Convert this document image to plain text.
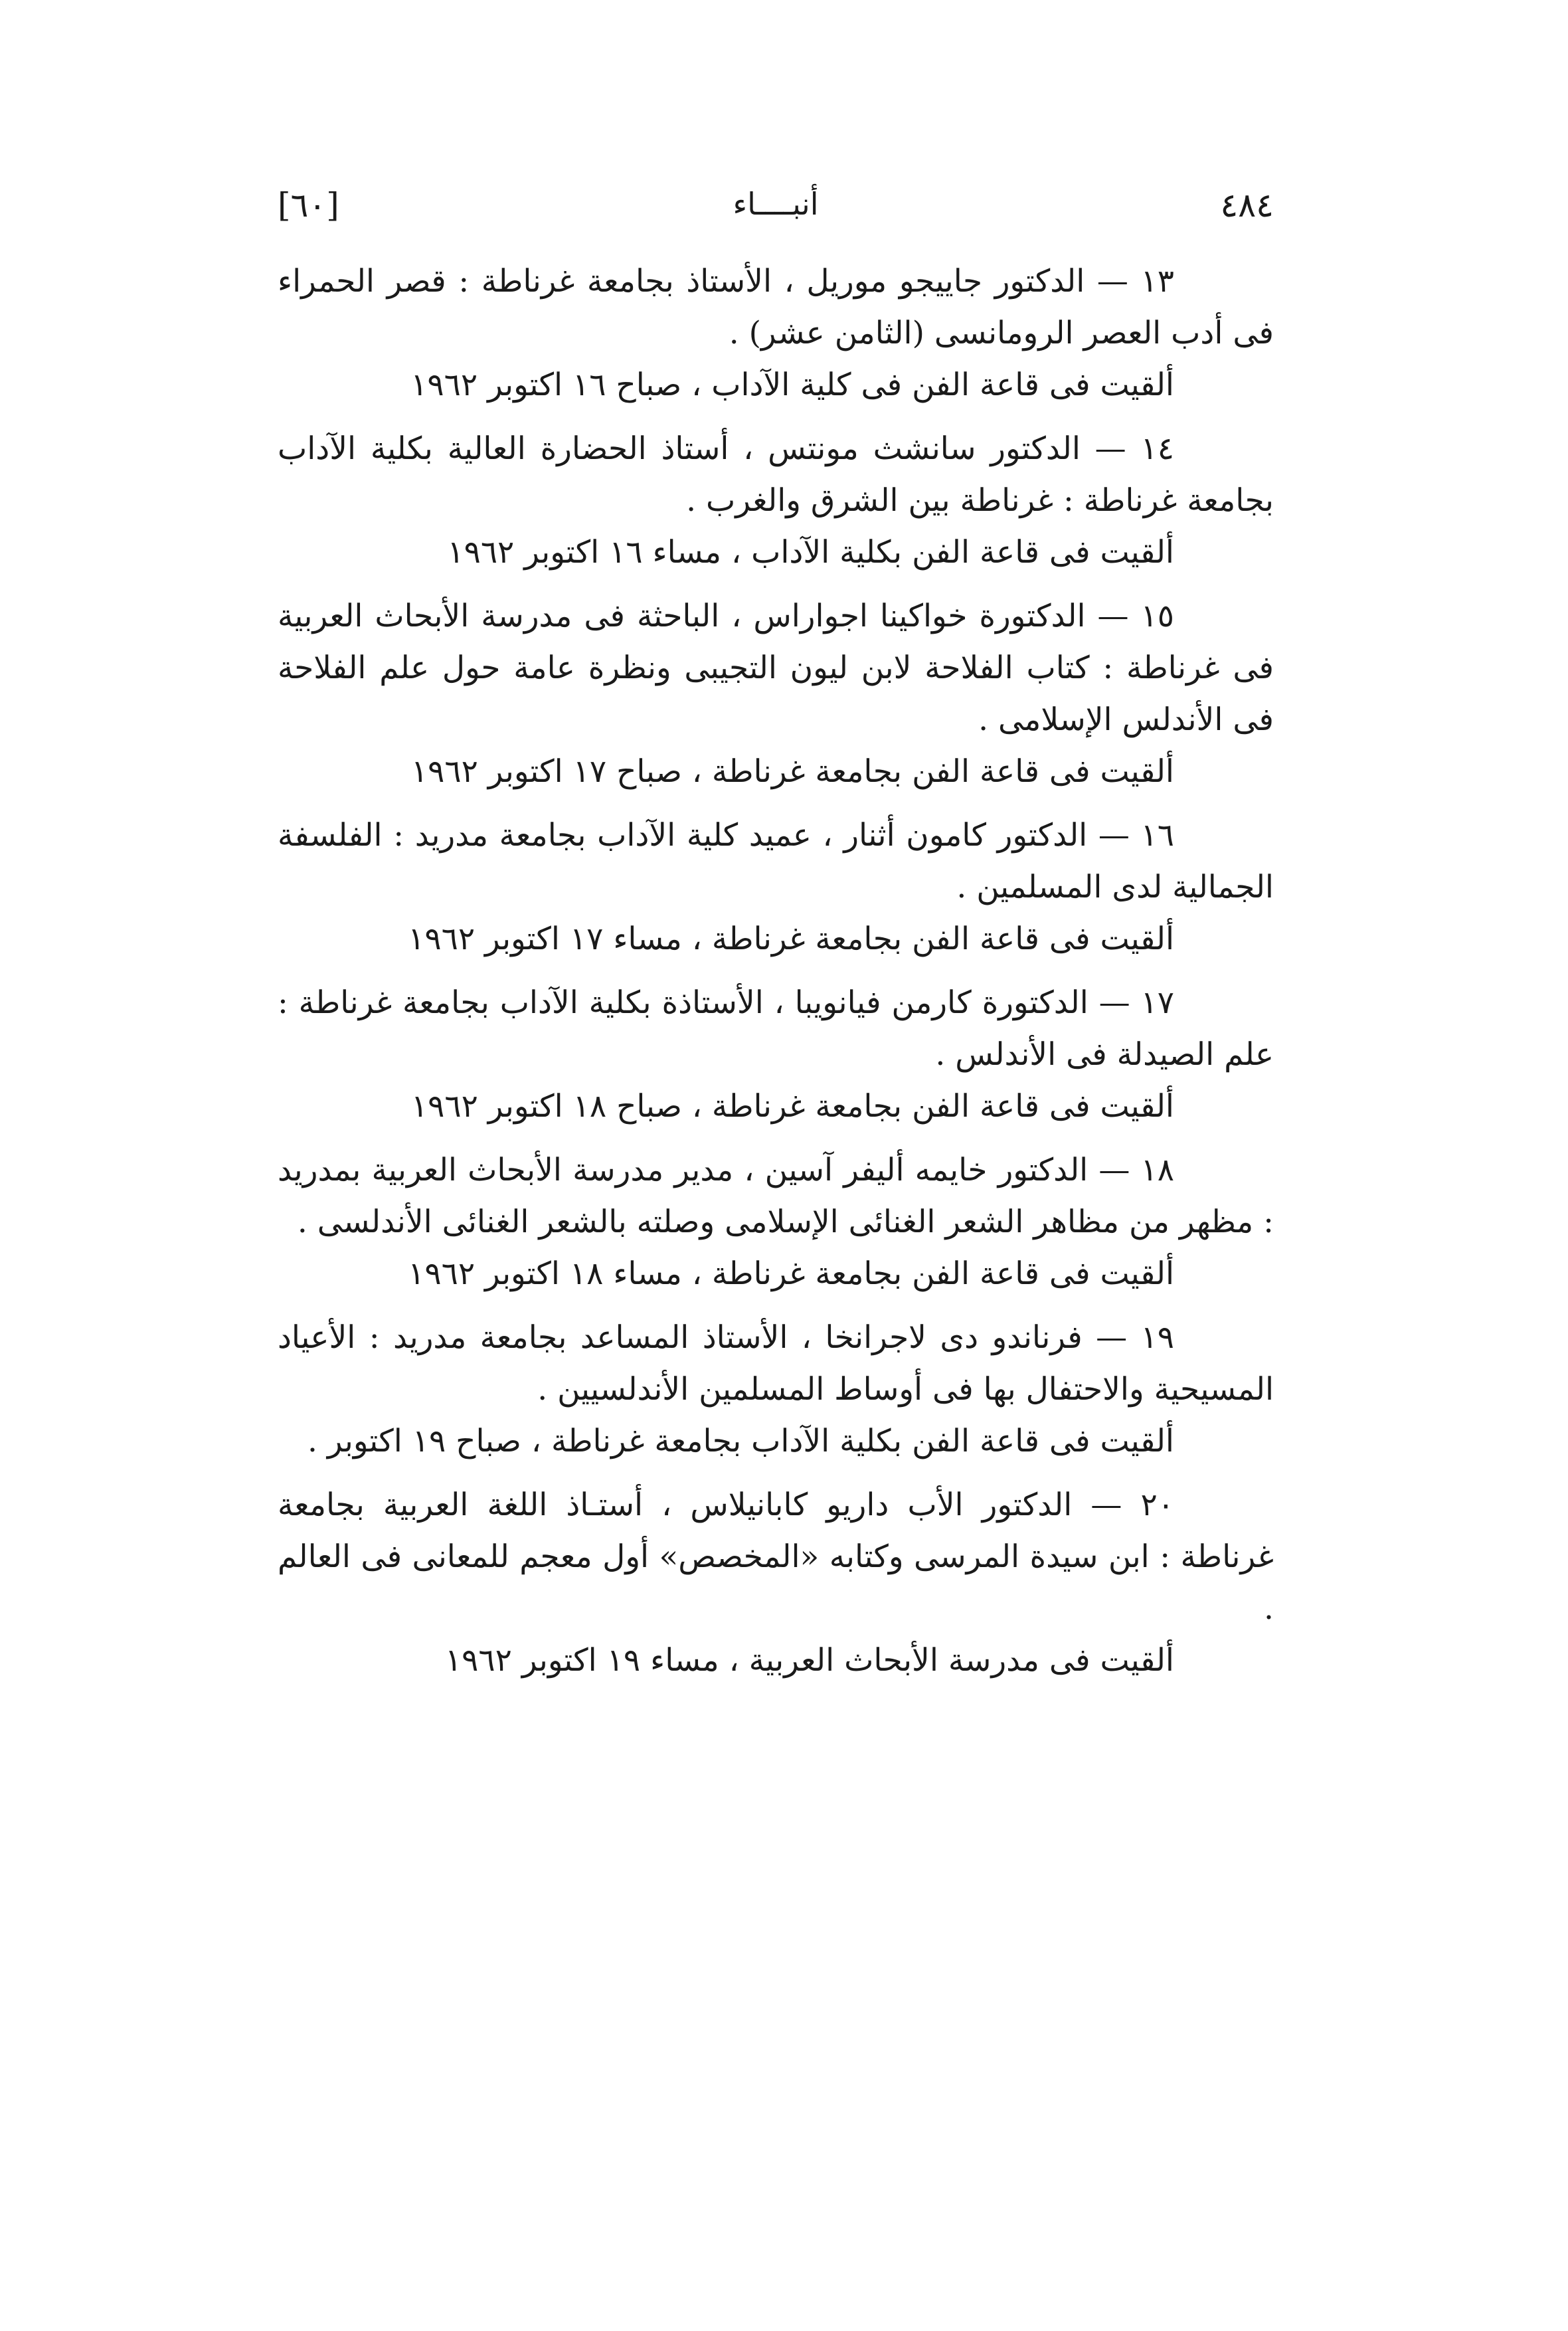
[٦٠]	أنبــــاء	٤٨٤
١٣ — الدكتور جاييجو موريل ، الأستاذ بجامعة غرناطة : قصر الحمراء فى أدب العصر الرومانسى (الثامن عشر) .
ألقيت فى قاعة الفن فى كلية الآداب ، صباح ١٦ اكتوبر ١٩٦٢
١٤ — الدكتور سانشث مونتس ، أستاذ الحضارة العالية بكلية الآداب بجامعة غرناطة : غرناطة بين الشرق والغرب .
ألقيت فى قاعة الفن بكلية الآداب ، مساء ١٦ اكتوبر ١٩٦٢
١٥ — الدكتورة خواكينا اجواراس ، الباحثة فى مدرسة الأبحاث العربية فى غرناطة : كتاب الفلاحة لابن ليون التجيبى ونظرة عامة حول علم الفلاحة فى الأندلس الإسلامى .
ألقيت فى قاعة الفن بجامعة غرناطة ، صباح ١٧ اكتوبر ١٩٦٢
١٦ — الدكتور كامون أثنار ، عميد كلية الآداب بجامعة مدريد : الفلسفة الجمالية لدى المسلمين .
ألقيت فى قاعة الفن بجامعة غرناطة ، مساء ١٧ اكتوبر ١٩٦٢
١٧ — الدكتورة كارمن فيانويبا ، الأستاذة بكلية الآداب بجامعة غرناطة : علم الصيدلة فى الأندلس .
ألقيت فى قاعة الفن بجامعة غرناطة ، صباح ١٨ اكتوبر ١٩٦٢
١٨ — الدكتور خايمه أليفر آسين ، مدير مدرسة الأبحاث العربية بمدريد : مظهر من مظاهر الشعر الغنائى الإسلامى وصلته بالشعر الغنائى الأندلسى .
ألقيت فى قاعة الفن بجامعة غرناطة ، مساء ١٨ اكتوبر ١٩٦٢
١٩ — فرناندو دى لاجرانخا ، الأستاذ المساعد بجامعة مدريد : الأعياد المسيحية والاحتفال بها فى أوساط المسلمين الأندلسيين .
ألقيت فى قاعة الفن بكلية الآداب بجامعة غرناطة ، صباح ١٩ اكتوبر .
٢٠ — الدكتور الأب داريو كابانيلاس ، أستـاذ اللغة العربية بجامعة غرناطة : ابن سيدة المرسى وكتابه «المخصص» أول معجم للمعانى فى العالم .
ألقيت فى مدرسة الأبحاث العربية ، مساء ١٩ اكتوبر ١٩٦٢
